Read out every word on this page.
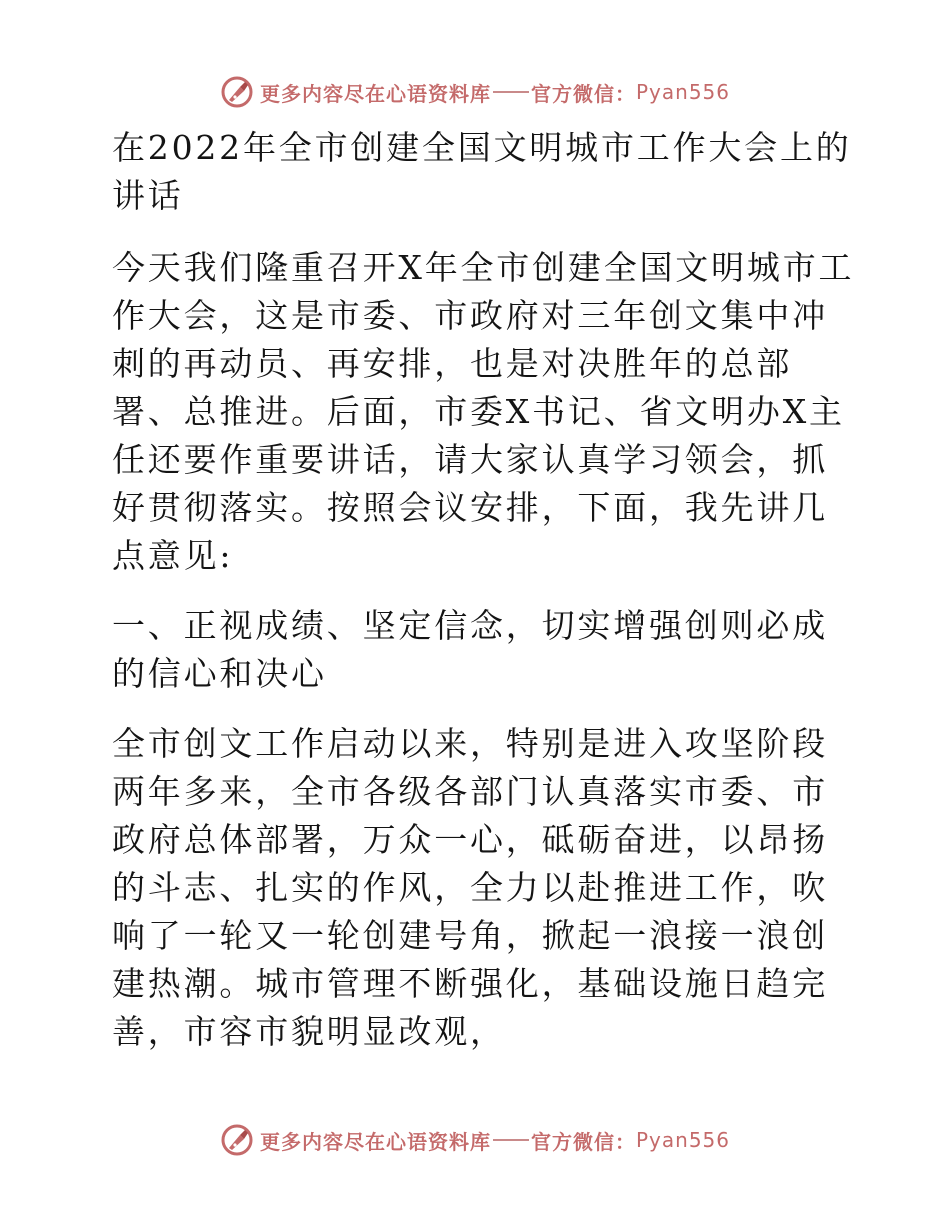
更多内容尽在心语资料库 官方微信： Pyan556
在2022年全市创建全国文明城市工作大会上的讲话
今天我们隆重召开X年全市创建全国文明城市工作大会，这是市委、市政府对三年创文集中冲刺的再动员、再安排，也是对决胜年的总部署、总推进。后面，市委X书记、省文明办X主任还要作重要讲话，请大家认真学习领会，抓好贯彻落实。按照会议安排，下面，我先讲几点意见:
一、正视成绩、坚定信念，切实增强创则必成的信心和决心
全市创文工作启动以来，特别是进入攻坚阶段两年多来，全市各级各部门认真落实市委、市政府总体部署，万众一心，砥砺奋进，以昂扬的斗志、扎实的作风，全力以赴推进工作，吹响了一轮又一轮创建号角，掀起一浪接一浪创建热潮。城市管理不断强化，基础设施日趋完善，市容市貌明显改观，
更多内容尽在心语资料库 官方微信： Pyan556
